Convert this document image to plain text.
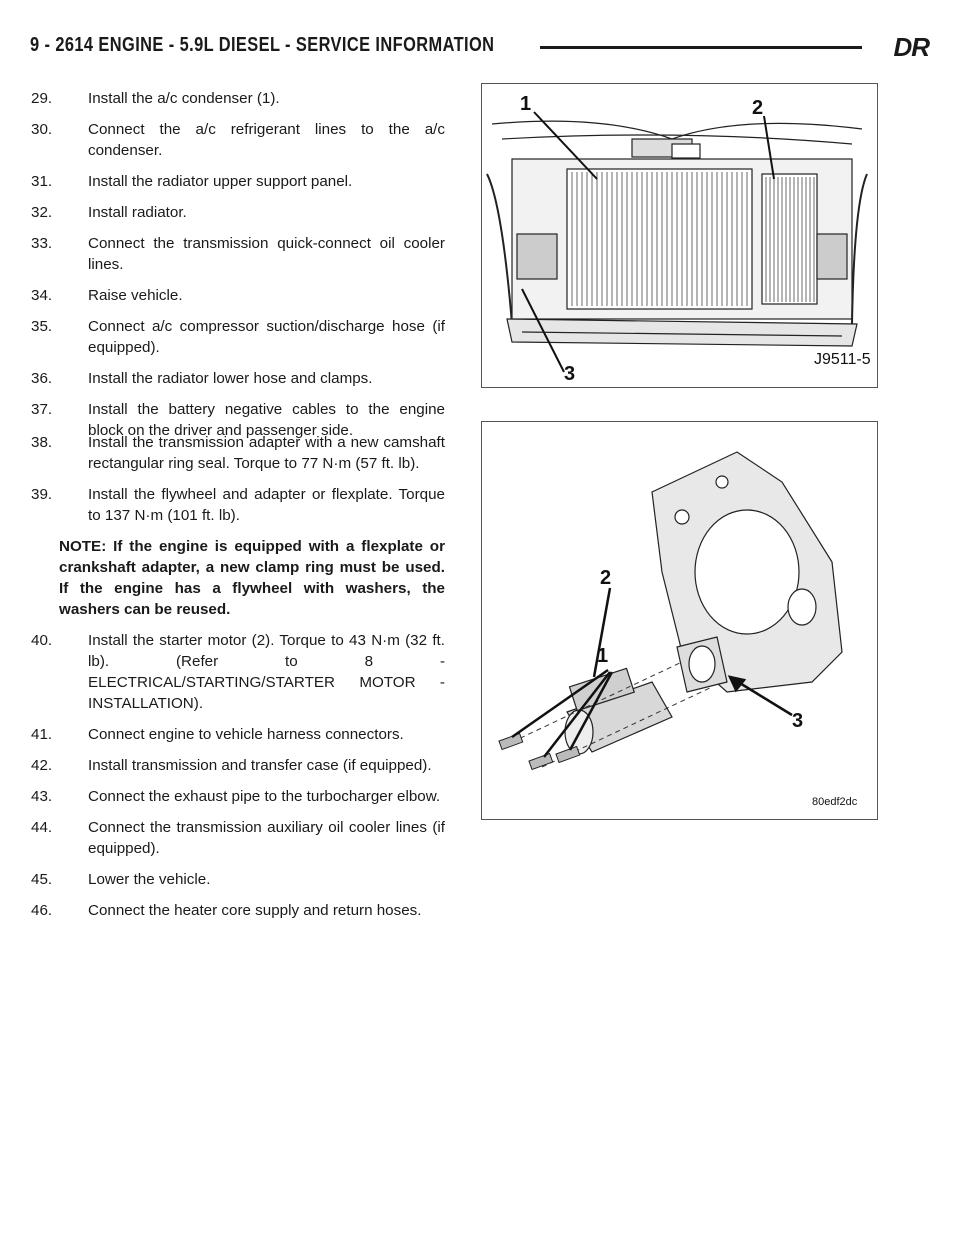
9 - 2614 ENGINE - 5.9L DIESEL - SERVICE INFORMATION	DR
29. Install the a/c condenser (1).
30. Connect the a/c refrigerant lines to the a/c condenser.
31. Install the radiator upper support panel.
32. Install radiator.
33. Connect the transmission quick-connect oil cooler lines.
34. Raise vehicle.
35. Connect a/c compressor suction/discharge hose (if equipped).
36. Install the radiator lower hose and clamps.
37. Install the battery negative cables to the engine block on the driver and passenger side.
38. Install the transmission adapter with a new camshaft rectangular ring seal. Torque to 77 N·m (57 ft. lb).
39. Install the flywheel and adapter or flexplate. Torque to 137 N·m (101 ft. lb).
NOTE: If the engine is equipped with a flexplate or crankshaft adapter, a new clamp ring must be used. If the engine has a flywheel with washers, the washers can be reused.
40. Install the starter motor (2). Torque to 43 N·m (32 ft. lb). (Refer to 8 - ELECTRICAL/STARTING/STARTER MOTOR - INSTALLATION).
41. Connect engine to vehicle harness connectors.
42. Install transmission and transfer case (if equipped).
43. Connect the exhaust pipe to the turbocharger elbow.
44. Connect the transmission auxiliary oil cooler lines (if equipped).
45. Lower the vehicle.
46. Connect the heater core supply and return hoses.
1	2
3
J9511-5
1
2
3
80edf2dc
